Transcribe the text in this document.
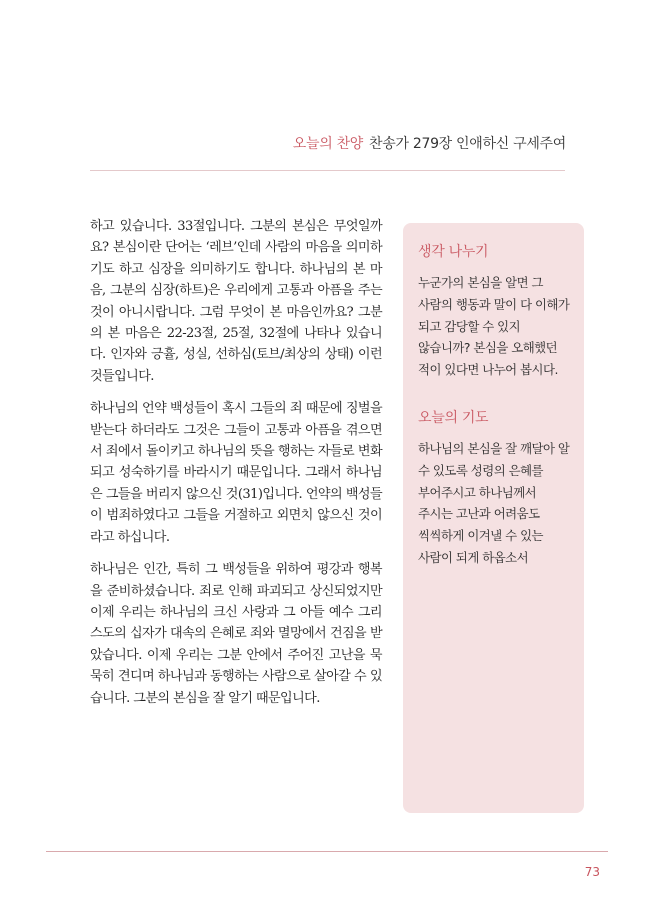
오늘의 찬양 찬송가 279장 인애하신 구세주여

하고 있습니다. 33절입니다. 그분의 본심은 무엇일까요? 본심이란 단어는 ‘레브’인데 사람의 마음을 의미하기도 하고 심장을 의미하기도 합니다. 하나님의 본 마음, 그분의 심장(하트)은 우리에게 고통과 아픔을 주는 것이 아니시랍니다. 그럼 무엇이 본 마음인까요? 그분의 본 마음은 22-23절, 25절, 32절에 나타나 있습니다. 인자와 긍휼, 성실, 선하심(토브/최상의 상태) 이런 것들입니다.

하나님의 언약 백성들이 혹시 그들의 죄 때문에 징벌을 받는다 하더라도 그것은 그들이 고통과 아픔을 겪으면서 죄에서 돌이키고 하나님의 뜻을 행하는 자들로 변화되고 성숙하기를 바라시기 때문입니다. 그래서 하나님은 그들을 버리지 않으신 것(31)입니다. 언약의 백성들이 범죄하였다고 그들을 거절하고 외면치 않으신 것이라고 하십니다.

하나님은 인간, 특히 그 백성들을 위하여 평강과 행복을 준비하셨습니다. 죄로 인해 파괴되고 상신되었지만 이제 우리는 하나님의 크신 사랑과 그 아들 예수 그리스도의 십자가 대속의 은혜로 죄와 멸망에서 건짐을 받았습니다. 이제 우리는 그분 안에서 주어진 고난을 묵묵히 견디며 하나님과 동행하는 사람으로 살아갈 수 있습니다. 그분의 본심을 잘 알기 때문입니다.

생각 나누기
누군가의 본심을 알면 그 사람의 행동과 말이 다 이해가 되고 감당할 수 있지 않습니까? 본심을 오해했던 적이 있다면 나누어 봅시다.
오늘의 기도
하나님의 본심을 잘 깨달아 알 수 있도록 성령의 은혜를 부어주시고 하나님께서 주시는 고난과 어려움도 씩씩하게 이겨낼 수 있는 사람이 되게 하옵소서
73
